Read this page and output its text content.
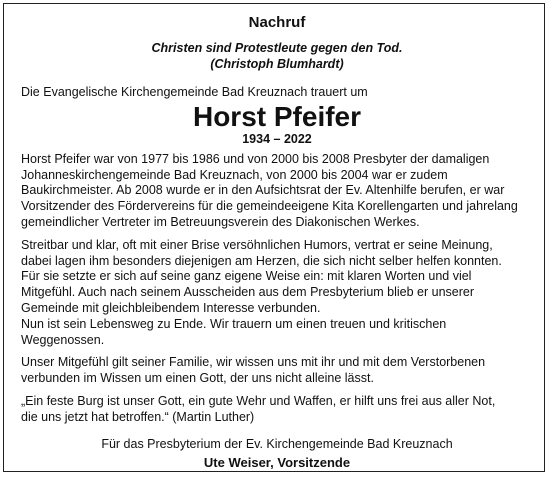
Nachruf
Christen sind Protestleute gegen den Tod.
(Christoph Blumhardt)
Die Evangelische Kirchengemeinde Bad Kreuznach trauert um
Horst Pfeifer
1934 – 2022
Horst Pfeifer war von 1977 bis 1986 und von 2000 bis 2008 Presbyter der damaligen
Johanneskirchengemeinde Bad Kreuznach, von 2000 bis 2004 war er zudem
Baukirchmeister. Ab 2008 wurde er in den Aufsichtsrat der Ev. Altenhilfe berufen, er war
Vorsitzender des Fördervereins für die gemeindeeigene Kita Korellengarten und jahrelang
gemeindlicher Vertreter im Betreuungsverein des Diakonischen Werkes.
Streitbar und klar, oft mit einer Brise versöhnlichen Humors, vertrat er seine Meinung,
dabei lagen ihm besonders diejenigen am Herzen, die sich nicht selber helfen konnten.
Für sie setzte er sich auf seine ganz eigene Weise ein: mit klaren Worten und viel
Mitgefühl. Auch nach seinem Ausscheiden aus dem Presbyterium blieb er unserer
Gemeinde mit gleichbleibendem Interesse verbunden.
Nun ist sein Lebensweg zu Ende. Wir trauern um einen treuen und kritischen
Weggenossen.
Unser Mitgefühl gilt seiner Familie, wir wissen uns mit ihr und mit dem Verstorbenen
verbunden im Wissen um einen Gott, der uns nicht alleine lässt.
„Ein feste Burg ist unser Gott, ein gute Wehr und Waffen, er hilft uns frei aus aller Not,
die uns jetzt hat betroffen.“ (Martin Luther)
Für das Presbyterium der Ev. Kirchengemeinde Bad Kreuznach
Ute Weiser, Vorsitzende
